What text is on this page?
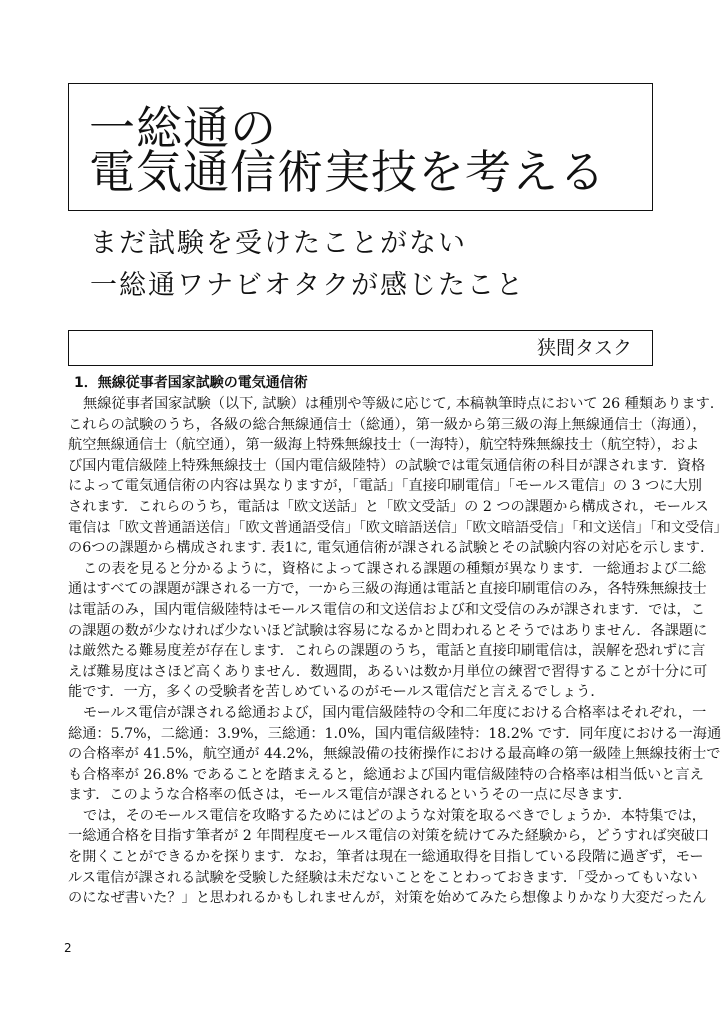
一総通の
電気通信術実技を考える
まだ試験を受けたことがない
一総通ワナビオタクが感じたこと
狭間タスク
1．無線従事者国家試験の電気通信術
無線従事者国家試験（以下, 試験）は種別や等級に応じて, 本稿執筆時点において 26 種類あります.
これらの試験のうち，各級の総合無線通信士（総通），第一級から第三級の海上無線通信士（海通），
航空無線通信士（航空通），第一級海上特殊無線技士（一海特），航空特殊無線技士（航空特），およ
び国内電信級陸上特殊無線技士（国内電信級陸特）の試験では電気通信術の科目が課されます．資格
によって電気通信術の内容は異なりますが，「電話」「直接印刷電信」「モールス電信」の 3 つに大別
されます．これらのうち，電話は「欧文送話」と「欧文受話」の 2 つの課題から構成され，モールス
電信は「欧文普通語送信」「欧文普通語受信」「欧文暗語送信」「欧文暗語受信」「和文送信」「和文受信」
の6つの課題から構成されます. 表1に, 電気通信術が課される試験とその試験内容の対応を示します.
この表を見ると分かるように，資格によって課される課題の種類が異なります．一総通および二総
通はすべての課題が課される一方で，一から三級の海通は電話と直接印刷電信のみ，各特殊無線技士
は電話のみ，国内電信級陸特はモールス電信の和文送信および和文受信のみが課されます．では，こ
の課題の数が少なければ少ないほど試験は容易になるかと問われるとそうではありません．各課題に
は厳然たる難易度差が存在します．これらの課題のうち，電話と直接印刷電信は，誤解を恐れずに言
えば難易度はさほど高くありません．数週間，あるいは数か月単位の練習で習得することが十分に可
能です．一方，多くの受験者を苦しめているのがモールス電信だと言えるでしょう．
モールス電信が課される総通および，国内電信級陸特の令和二年度における合格率はそれぞれ，一
総通：5.7%，二総通：3.9%，三総通：1.0%，国内電信級陸特：18.2% です．同年度における一海通
の合格率が 41.5%，航空通が 44.2%，無線設備の技術操作における最高峰の第一級陸上無線技術士で
も合格率が 26.8% であることを踏まえると，総通および国内電信級陸特の合格率は相当低いと言え
ます．このような合格率の低さは，モールス電信が課されるというその一点に尽きます．
では，そのモールス電信を攻略するためにはどのような対策を取るべきでしょうか．本特集では，
一総通合格を目指す筆者が 2 年間程度モールス電信の対策を続けてみた経験から，どうすれば突破口
を開くことができるかを探ります．なお，筆者は現在一総通取得を目指している段階に過ぎず，モー
ルス電信が課される試験を受験した経験は未だないことをことわっておきます．「受かってもいない
のになぜ書いた？」と思われるかもしれませんが，対策を始めてみたら想像よりかなり大変だったん
2
